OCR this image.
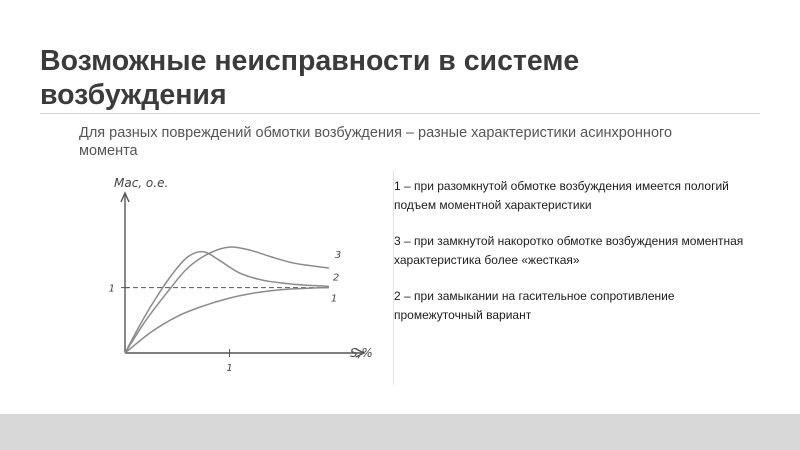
Возможные неисправности в системе возбуждения
Для разных повреждений обмотки возбуждения – разные характеристики асинхронного момента
Мас, о.е.
S,%
1
1
1
2
3

1 – при разомкнутой обмотке возбуждения имеется пологий подъем моментной характеристики

3 – при замкнутой накоротко обмотке возбуждения моментная характеристика более «жесткая»

2 – при замыкании на гасительное сопротивление промежуточный вариант
